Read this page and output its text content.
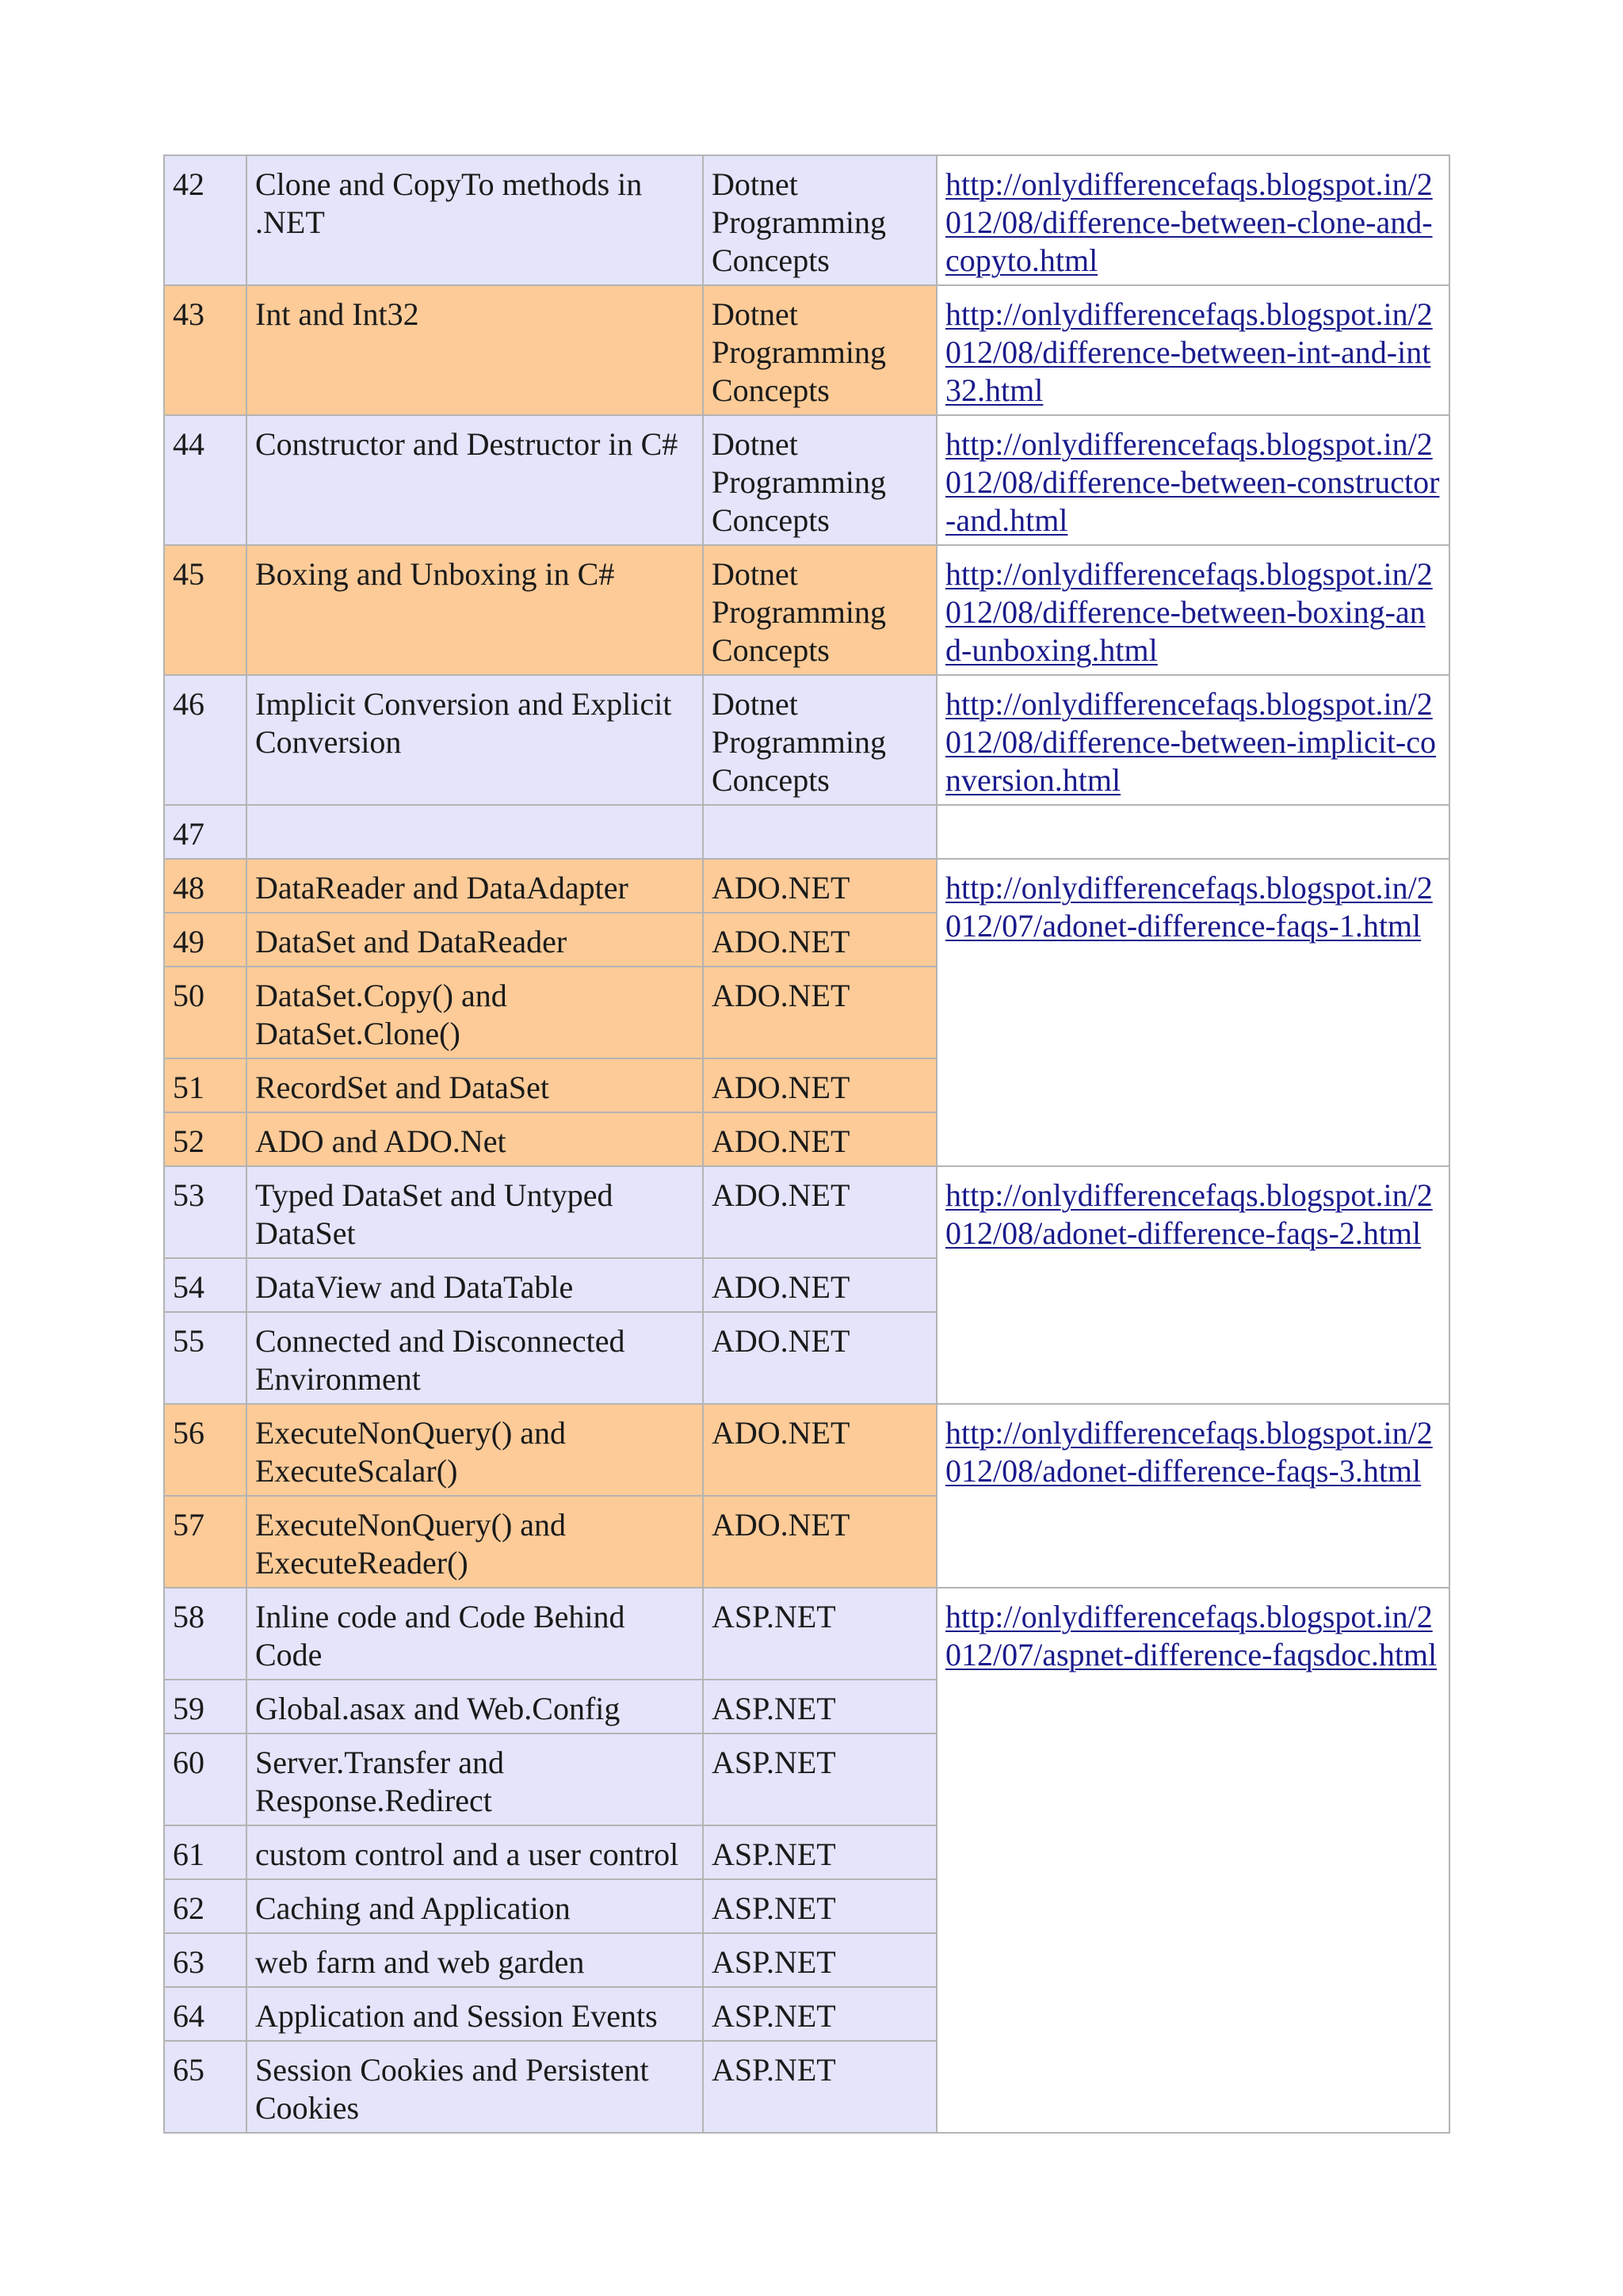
42	Clone and CopyTo methods in .NET	Dotnet Programming Concepts	http://onlydifferencefaqs.blogspot.in/2012/08/difference-between-clone-and-copyto.html
43	Int and Int32	Dotnet Programming Concepts	http://onlydifferencefaqs.blogspot.in/2012/08/difference-between-int-and-int32.html
44	Constructor and Destructor in C#	Dotnet Programming Concepts	http://onlydifferencefaqs.blogspot.in/2012/08/difference-between-constructor-and.html
45	Boxing and Unboxing in C#	Dotnet Programming Concepts	http://onlydifferencefaqs.blogspot.in/2012/08/difference-between-boxing-and-unboxing.html
46	Implicit Conversion and Explicit Conversion	Dotnet Programming Concepts	http://onlydifferencefaqs.blogspot.in/2012/08/difference-between-implicit-conversion.html
47			
48	DataReader and DataAdapter	ADO.NET	http://onlydifferencefaqs.blogspot.in/2012/07/adonet-difference-faqs-1.html
49	DataSet and DataReader	ADO.NET	
50	DataSet.Copy() and DataSet.Clone()	ADO.NET	
51	RecordSet and DataSet	ADO.NET	
52	ADO and ADO.Net	ADO.NET	
53	Typed DataSet and Untyped DataSet	ADO.NET	http://onlydifferencefaqs.blogspot.in/2012/08/adonet-difference-faqs-2.html
54	DataView and DataTable	ADO.NET	
55	Connected and Disconnected Environment	ADO.NET	
56	ExecuteNonQuery() and ExecuteScalar()	ADO.NET	http://onlydifferencefaqs.blogspot.in/2012/08/adonet-difference-faqs-3.html
57	ExecuteNonQuery() and ExecuteReader()	ADO.NET	
58	Inline code and Code Behind Code	ASP.NET	http://onlydifferencefaqs.blogspot.in/2012/07/aspnet-difference-faqsdoc.html
59	Global.asax and Web.Config	ASP.NET	
60	Server.Transfer and Response.Redirect	ASP.NET	
61	custom control and a user control	ASP.NET	
62	Caching and Application	ASP.NET	
63	web farm and web garden	ASP.NET	
64	Application and Session Events	ASP.NET	
65	Session Cookies and Persistent Cookies	ASP.NET	
